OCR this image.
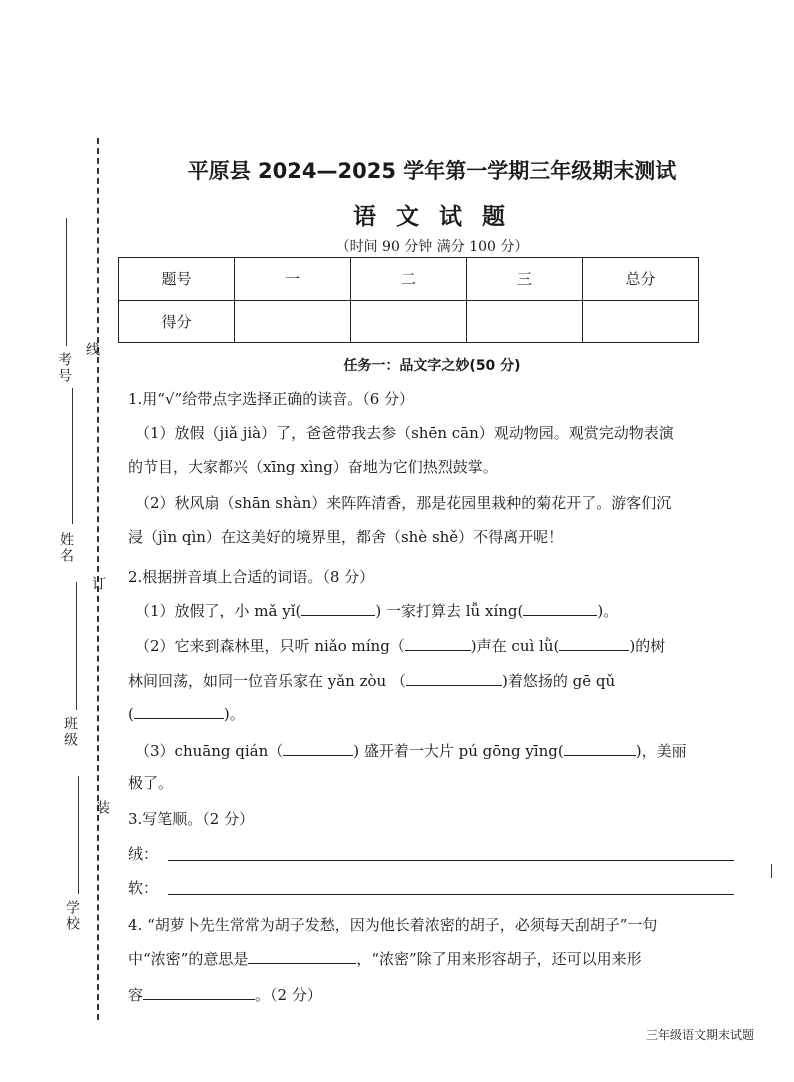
考号
姓名
班级
学校
线
订
装
平原县 2024—2025 学年第一学期三年级期末测试
语 文 试 题
（时间 90 分钟 满分 100 分）
题号	一	二	三	总分
得分				
任务一：品文字之妙(50 分)
1.用“√”给带点字选择正确的读音。（6 分）
（1）放假（jiǎ jià）了，爸爸带我去参（shēn cān）观动物园。观赏完动物表演
的节目，大家都兴（xīng xìng）奋地为它们热烈鼓掌。
（2）秋风扇（shān shàn）来阵阵清香，那是花园里栽种的菊花开了。游客们沉
浸（jìn qìn）在这美好的境界里，都舍（shè shě）不得离开呢！
2.根据拼音填上合适的词语。（8 分）
（1）放假了，小 mǎ yǐ(	) 一家打算去 lǚ xíng(	)。
（2）它来到森林里，只听 niǎo míng（	)声在 cuì lǜ(	)的树
林间回荡，如同一位音乐家在 yǎn zòu （	)着悠扬的 gē qǔ
(	)。
（3）chuāng qián（	) 盛开着一大片 pú gōng yīng(	)，美丽
极了。
3.写笔顺。（2 分）
绒：
软：
4. “胡萝卜先生常常为胡子发愁，因为他长着浓密的胡子，必须每天刮胡子”一句
中“浓密”的意思是	，“浓密”除了用来形容胡子，还可以用来形
容	。（2 分）
三年级语文期末试题
